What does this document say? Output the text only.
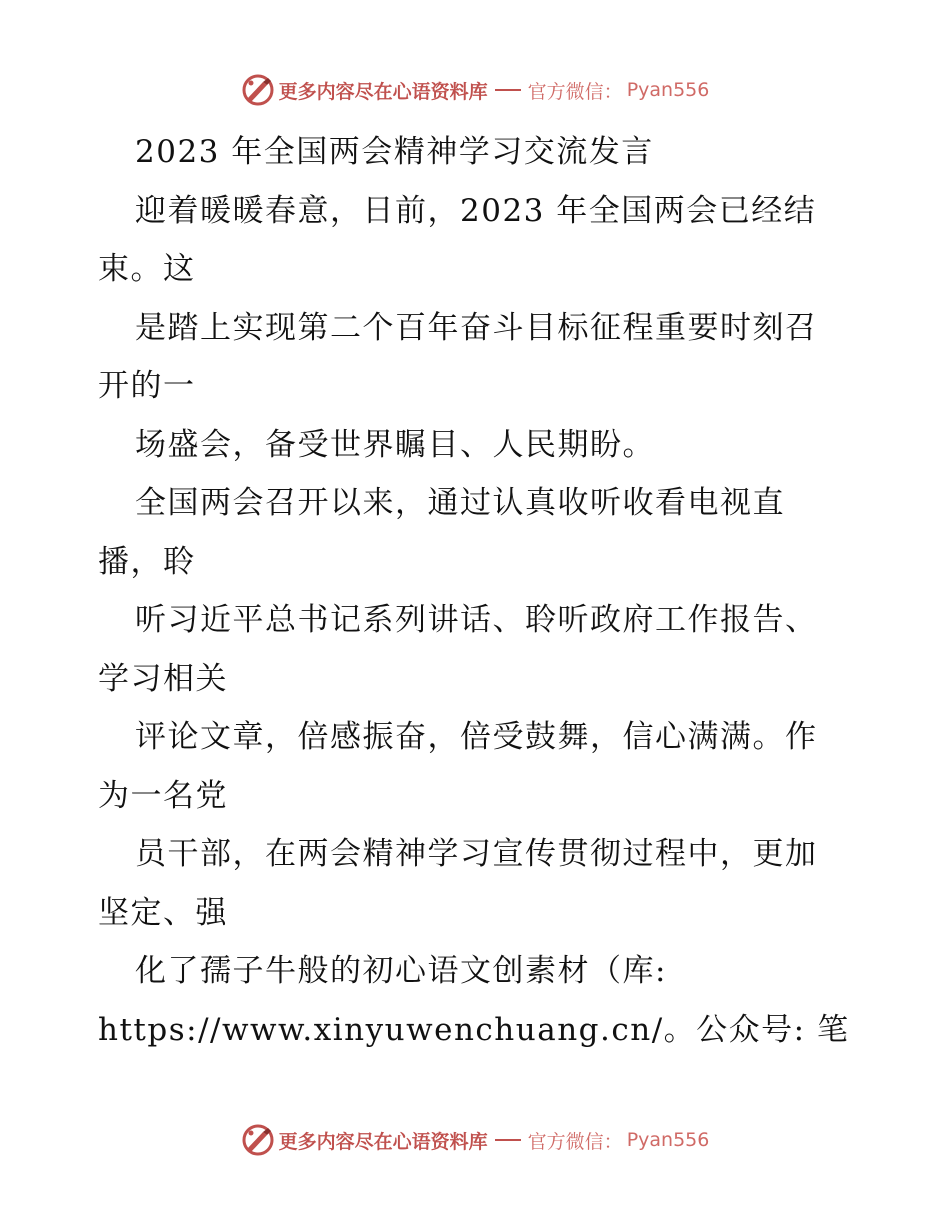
更多内容尽在心语资料库 官方微信： Pyan556
2023 年全国两会精神学习交流发言
迎着暖暖春意，日前，2023 年全国两会已经结
束。这
是踏上实现第二个百年奋斗目标征程重要时刻召
开的一
场盛会，备受世界瞩目、人民期盼。
全国两会召开以来，通过认真收听收看电视直
播，聆
听习近平总书记系列讲话、聆听政府工作报告、
学习相关
评论文章，倍感振奋，倍受鼓舞，信心满满。作
为一名党
员干部，在两会精神学习宣传贯彻过程中，更加
坚定、强
化了孺子牛般的初心语文创素材（库:
https://www.xinyuwenchuang.cn/。公众号: 笔
更多内容尽在心语资料库 官方微信： Pyan556
